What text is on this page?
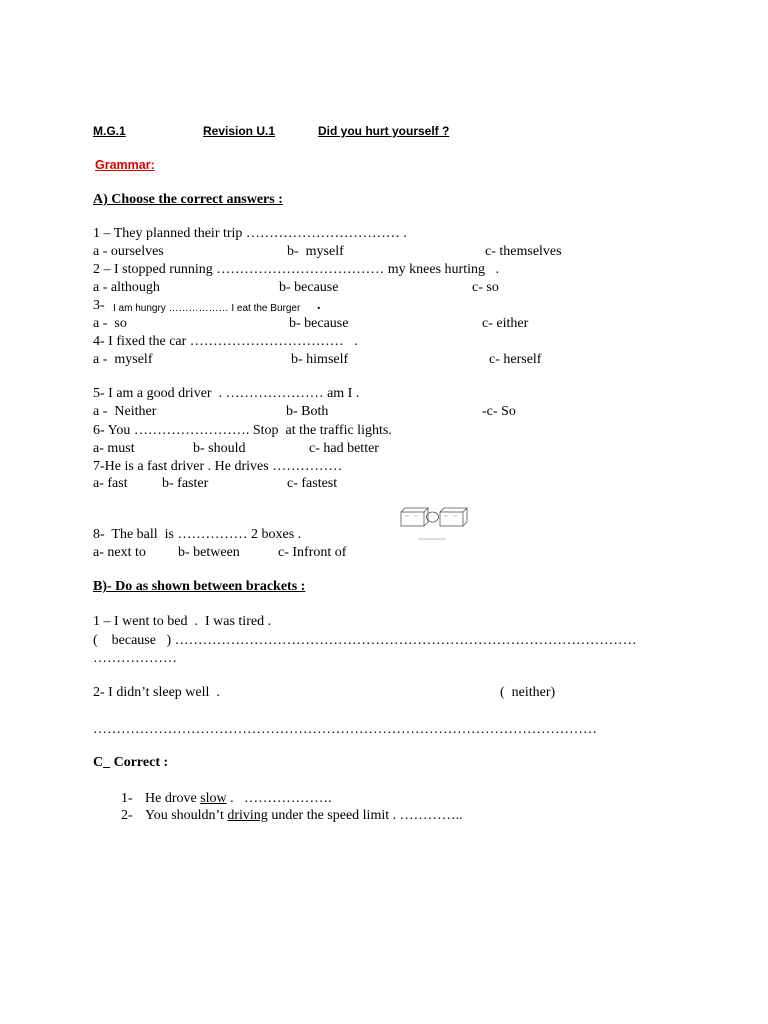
M.G.1	Revision U.1	Did you hurt yourself ?
Grammar:
A) Choose the correct answers :
1 – They planned their trip …………………………… .
a - ourselves	b-  myself	c- themselves
2 – I stopped running ……………………………… my knees hurting   .
a - although	b- because	c- so
3- I am hungry ……………… I eat the Burger .
a -  so	b- because	c- either
4- I fixed the car ……………………………   .
a -  myself	b- himself	c- herself
5- I am a good driver  . ………………… am I .
a -  Neither	b- Both	-c- So
6- You ……………………. Stop  at the traffic lights.
a- must	b- should	c- had better
7-He is a fast driver . He drives ……………
a- fast b- faster	c- fastest
8-  The ball  is …………… 2 boxes .
a- next to b- between	c- Infront of
B)- Do as shown between brackets :
1 – I went to bed  .  I was tired .
(    because   ) ………………………………………………………………………………………
………………
2- I didn’t sleep well  .	(  neither)
………………………………………………………………………………………………
C_ Correct :
1- He drove slow .   ……………….
2- You shouldn’t driving under the speed limit . …………..
